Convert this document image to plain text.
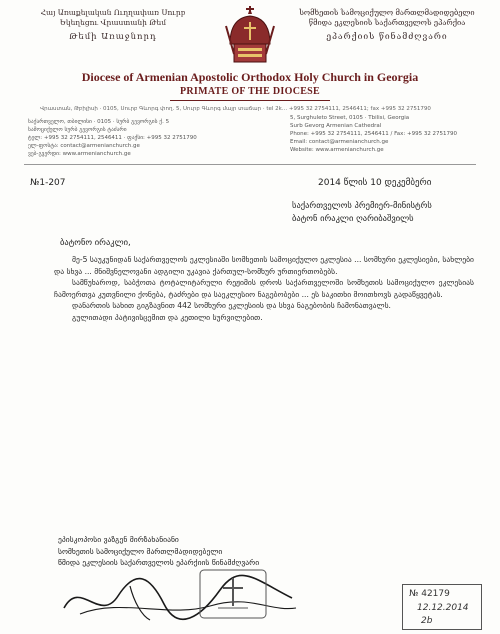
Հայ Առաքելական Ուղղափառ Սուրբ
Եկեղեցու Վրաստանի Թեմ
Թեմի Առաջնորդ
სომხეთის სამოციქულო მართლმადიდებელი
წმიდა ეკლესიის საქართველოს ეპარქია
ეპარქიის წინამძღვარი
Diocese of Armenian Apostolic Orthodox Holy Church in Georgia
PRIMATE OF THE DIOCESE
საქართველო, თბილისი · 0105 · სურბ გევორგის ქ. 5
სამოციქულო სურბ გევორგის ტაძარი
ტელ: +995 32 2754111, 2546411 · ფაქსი: +995 32 2751790
ელ-ფოსტა: contact@armenianchurch.ge
ვებ-გვერდი: www.armenianchurch.ge
Վրաստան, Թբիլիսի · 0105, Սուրբ Գևորգ փող. 5, Սուրբ Գևորգ մայր տաճար · tel 2k... +995 32 2754111, 2546411; fax +995 32 2751790
5, Surghuleto Street, 0105 · Tbilisi, Georgia
Surb Gevorg Armenian Cathedral
Phone: +995 32 2754111, 2546411 / Fax: +995 32 2751790
Email: contact@armenianchurch.ge
Website: www.armenianchurch.ge
№1-207	2014 წლის 10 დეკემბერი
საქართველოს პრემიერ-მინისტრს
ბატონ ირაკლი ღარიბაშვილს
ბატონო ირაკლი,

მე-5 საუკუნიდან საქართველოს ეკლესიაში სომხეთის სამოციქულო ეკლესია ... სომხური ეკლესიები, სახლები და სხვა ... მნიშვნელოვანი ადგილი უკავია ქართულ-სომხურ ურთიერთობებს.

სამწუხაროდ, საბჭოთა ტოტალიტარული რეჟიმის დროს საქართველოში სომხეთის სამოციქულო ეკლესიას ჩამოერთვა კუთვნილი ქონება, ტაძრები და საეკლესიო ნაგებობები ... ეს საკითხი მოითხოვს გადაწყვეტას.

დანართის სახით გიგზავნით 442 სომხური ეკლესიის და სხვა ნაგებობის ჩამონათვალს.

გულითადი პატივისცემით და კეთილი სურვილებით.

ეპისკოპოსი ვაზგენ მირზახანიანი
სომხეთის სამოციქულო მართლმადიდებელი
წმიდა ეკლესიის საქართველოს ეპარქიის წინამძღვარი
№ 42179
12.12.2014
2b
